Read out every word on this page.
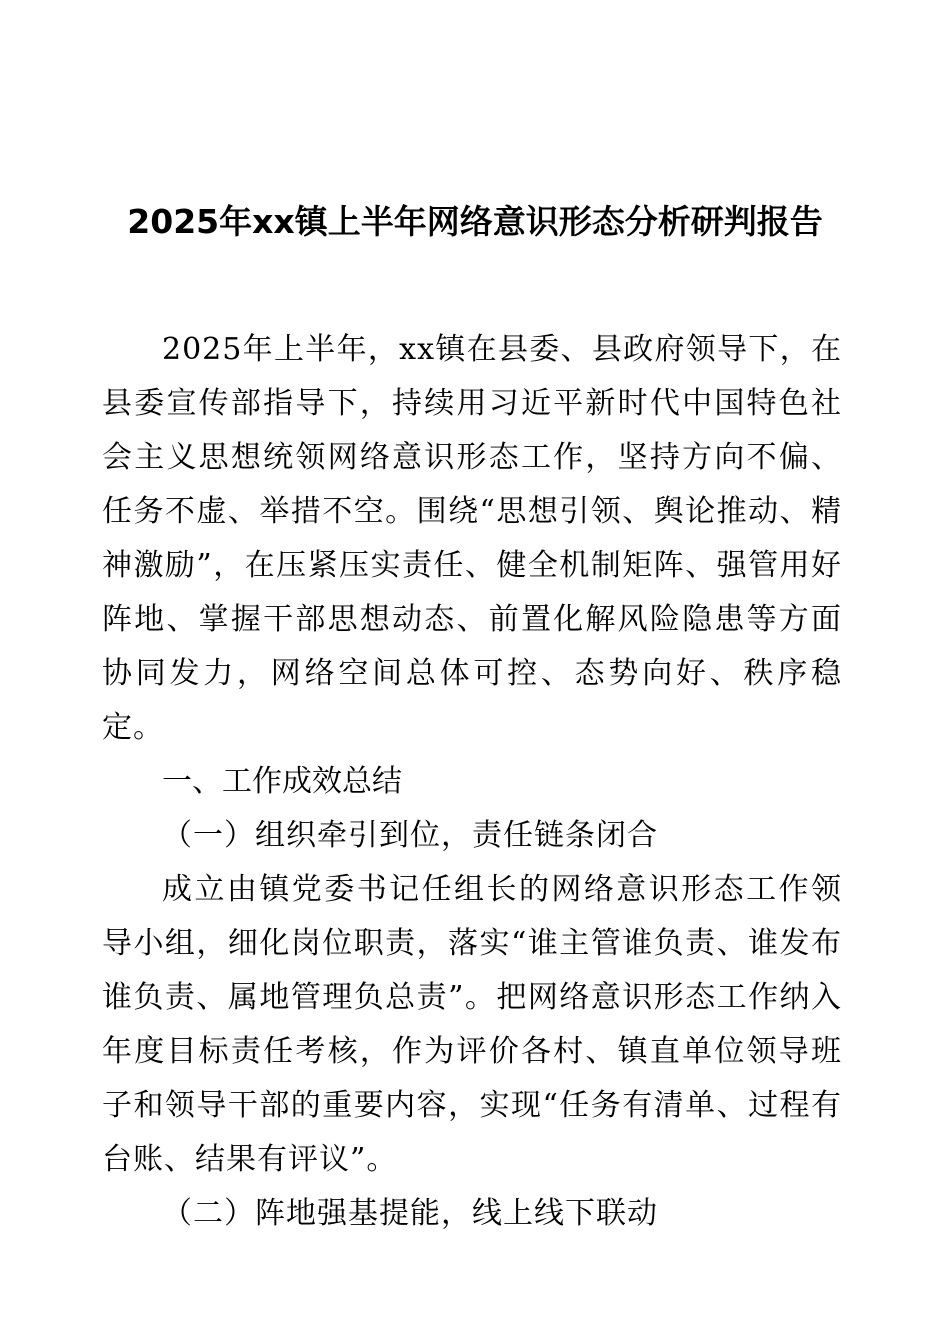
2025年xx镇上半年网络意识形态分析研判报告

2025年上半年，xx镇在县委、县政府领导下，在县委宣传部指导下，持续用习近平新时代中国特色社会主义思想统领网络意识形态工作，坚持方向不偏、任务不虚、举措不空。围绕“思想引领、舆论推动、精神激励”，在压紧压实责任、健全机制矩阵、强管用好阵地、掌握干部思想动态、前置化解风险隐患等方面协同发力，网络空间总体可控、态势向好、秩序稳定。

一、工作成效总结

（一）组织牵引到位，责任链条闭合

成立由镇党委书记任组长的网络意识形态工作领导小组，细化岗位职责，落实“谁主管谁负责、谁发布谁负责、属地管理负总责”。把网络意识形态工作纳入年度目标责任考核，作为评价各村、镇直单位领导班子和领导干部的重要内容，实现“任务有清单、过程有台账、结果有评议”。

（二）阵地强基提能，线上线下联动
